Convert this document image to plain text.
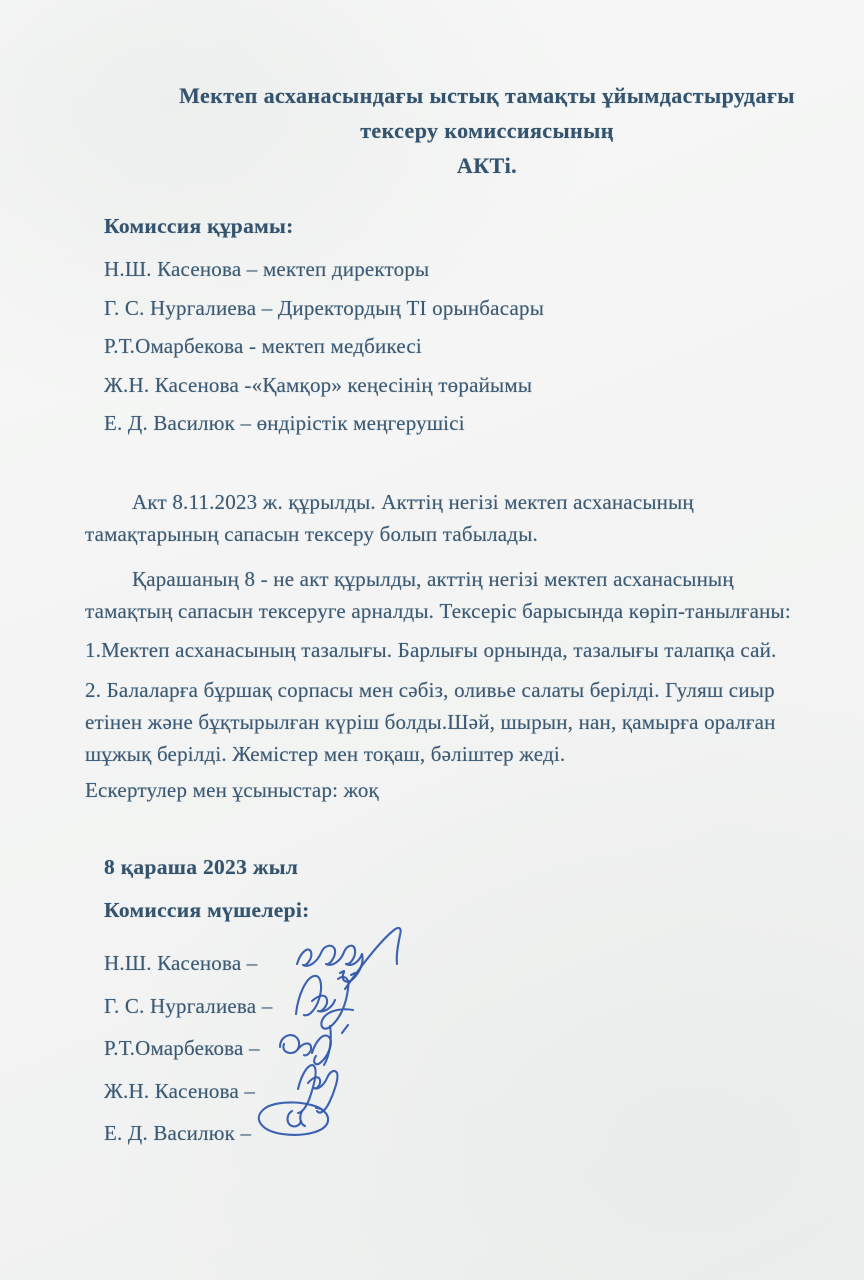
Мектеп асханасындағы ыстық тамақты ұйымдастырудағы
тексеру комиссиясының
АКТі.
Комиссия құрамы:
Н.Ш. Касенова – мектеп директоры
Г. С. Нургалиева – Директордың ТІ орынбасары
Р.Т.Омарбекова - мектеп медбикесі
Ж.Н. Касенова -«Қамқор» кеңесінің төрайымы
Е. Д. Василюк – өндірістік меңгерушісі
Акт 8.11.2023 ж. құрылды. Акттің негізі мектеп асханасының
тамақтарының сапасын тексеру болып табылады.
Қарашаның 8 - не акт құрылды, акттің негізі мектеп асханасының
тамақтың сапасын тексеруге арналды. Тексеріс барысында көріп-танылғаны:
1.Мектеп асханасының тазалығы. Барлығы орнында, тазалығы талапқа сай.
2. Балаларға бұршақ сорпасы мен сәбіз, оливье салаты берілді. Гуляш сиыр
етінен және бұқтырылған күріш болды.Шәй, шырын, нан, қамырға оралған
шұжық берілді. Жемістер мен тоқаш, бәліштер жеді.
Ескертулер мен ұсыныстар: жоқ
8 қараша 2023 жыл
Комиссия мүшелері:
Н.Ш. Касенова –
Г. С. Нургалиева –
Р.Т.Омарбекова –
Ж.Н. Касенова –
Е. Д. Василюк –
